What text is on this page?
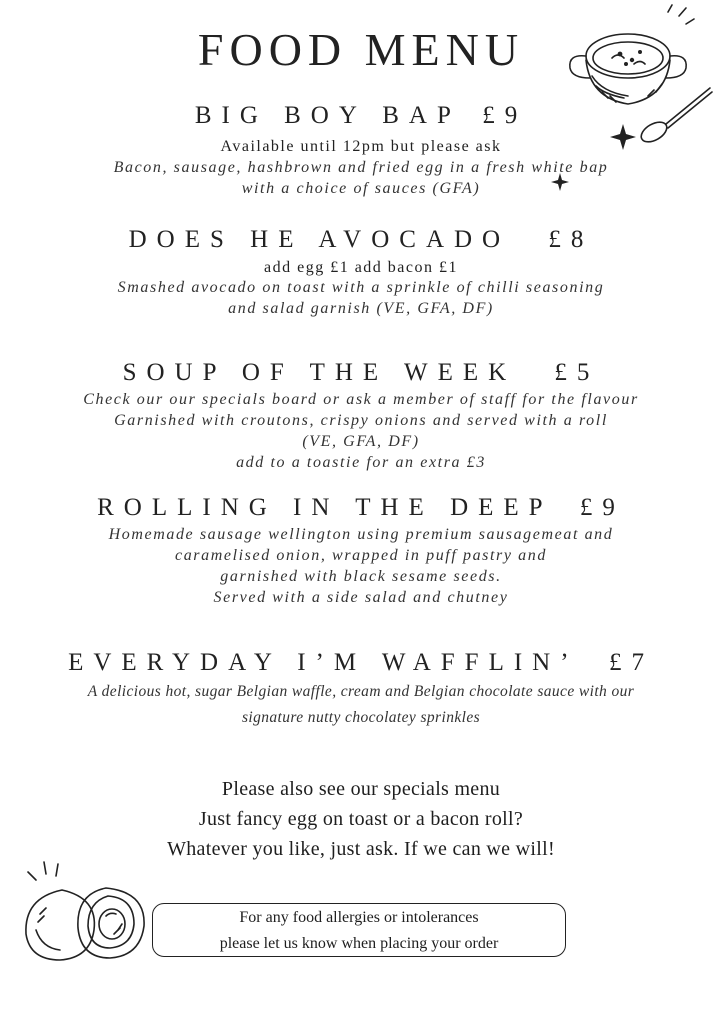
FOOD MENU
BIG BOY BAP £9
Available until 12pm but please ask
Bacon, sausage, hashbrown and fried egg in a fresh white bap
with a choice of sauces (GFA)
DOES HE AVOCADO £8
add egg £1 add bacon £1
Smashed avocado on toast with a sprinkle of chilli seasoning
and salad garnish (VE, GFA, DF)
SOUP OF THE WEEK £5
Check our our specials board or ask a member of staff for the flavour
Garnished with croutons, crispy onions and served with a roll
(VE, GFA, DF)
add to a toastie for an extra £3
ROLLING IN THE DEEP £9
Homemade sausage wellington using premium sausagemeat and
caramelised onion, wrapped in puff pastry and
garnished with black sesame seeds.
Served with a side salad and chutney
EVERYDAY I’M WAFFLIN’ £7
A delicious hot, sugar Belgian waffle, cream and Belgian chocolate sauce with our
signature nutty chocolatey sprinkles
Please also see our specials menu
Just fancy egg on toast or a bacon roll?
Whatever you like, just ask. If we can we will!
For any food allergies or intolerances
please let us know when placing your order
